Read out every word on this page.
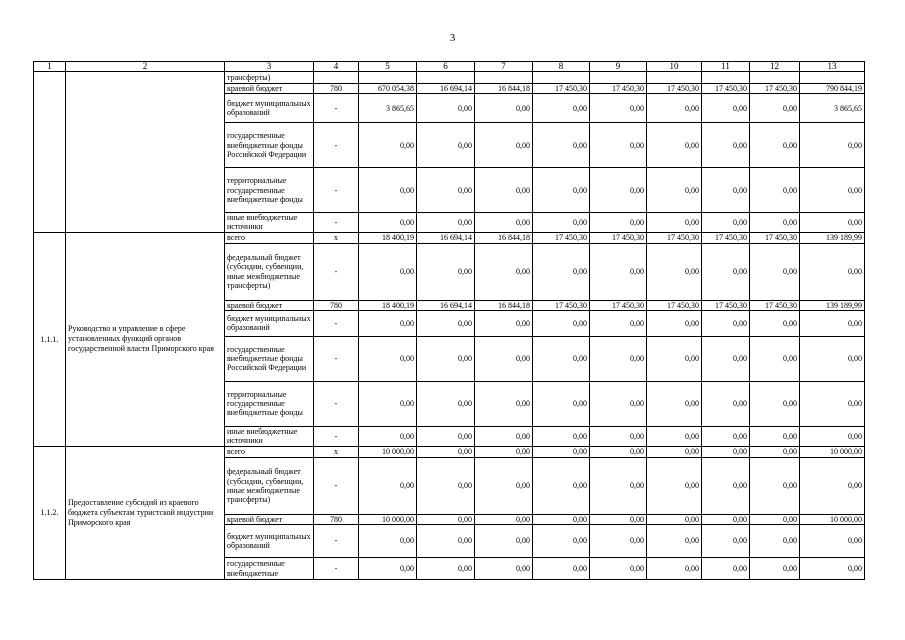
3
1	2	3	4	5	6	7	8	9	10	11	12	13
		трансферты)										
		краевой бюджет	780	670 054,38	16 694,14	16 844,18	17 450,30	17 450,30	17 450,30	17 450,30	17 450,30	790 844,19
		бюджет муниципальных образований	-	3 865,65	0,00	0,00	0,00	0,00	0,00	0,00	0,00	3 865,65
		государственные внебюджетные фонды Российской Федерации	-	0,00	0,00	0,00	0,00	0,00	0,00	0,00	0,00	0,00
		территориальные государственные внебюджетные фонды	-	0,00	0,00	0,00	0,00	0,00	0,00	0,00	0,00	0,00
		иные внебюджетные источники	-	0,00	0,00	0,00	0,00	0,00	0,00	0,00	0,00	0,00
1.1.1.	Руководство и управление в сфере установленных функций органов государственной власти Приморского края	всего	x	18 400,19	16 694,14	16 844,18	17 450,30	17 450,30	17 450,30	17 450,30	17 450,30	139 189,99
		федеральный бюджет (субсидии, субвенции, иные межбюджетные трансферты)	-	0,00	0,00	0,00	0,00	0,00	0,00	0,00	0,00	0,00
		краевой бюджет	780	18 400,19	16 694,14	16 844,18	17 450,30	17 450,30	17 450,30	17 450,30	17 450,30	139 189,99
		бюджет муниципальных образований	-	0,00	0,00	0,00	0,00	0,00	0,00	0,00	0,00	0,00
		государственные внебюджетные фонды Российской Федерации	-	0,00	0,00	0,00	0,00	0,00	0,00	0,00	0,00	0,00
		территориальные государственные внебюджетные фонды	-	0,00	0,00	0,00	0,00	0,00	0,00	0,00	0,00	0,00
		иные внебюджетные источники	-	0,00	0,00	0,00	0,00	0,00	0,00	0,00	0,00	0,00
1.1.2.	Предоставление субсидий из краевого бюджета субъектам туристской индустрии Приморского края	всего	x	10 000,00	0,00	0,00	0,00	0,00	0,00	0,00	0,00	10 000,00
		федеральный бюджет (субсидии, субвенции, иные межбюджетные трансферты)	-	0,00	0,00	0,00	0,00	0,00	0,00	0,00	0,00	0,00
		краевой бюджет	780	10 000,00	0,00	0,00	0,00	0,00	0,00	0,00	0,00	10 000,00
		бюджет муниципальных образований	-	0,00	0,00	0,00	0,00	0,00	0,00	0,00	0,00	0,00
		государственные внебюджетные	-	0,00	0,00	0,00	0,00	0,00	0,00	0,00	0,00	0,00
